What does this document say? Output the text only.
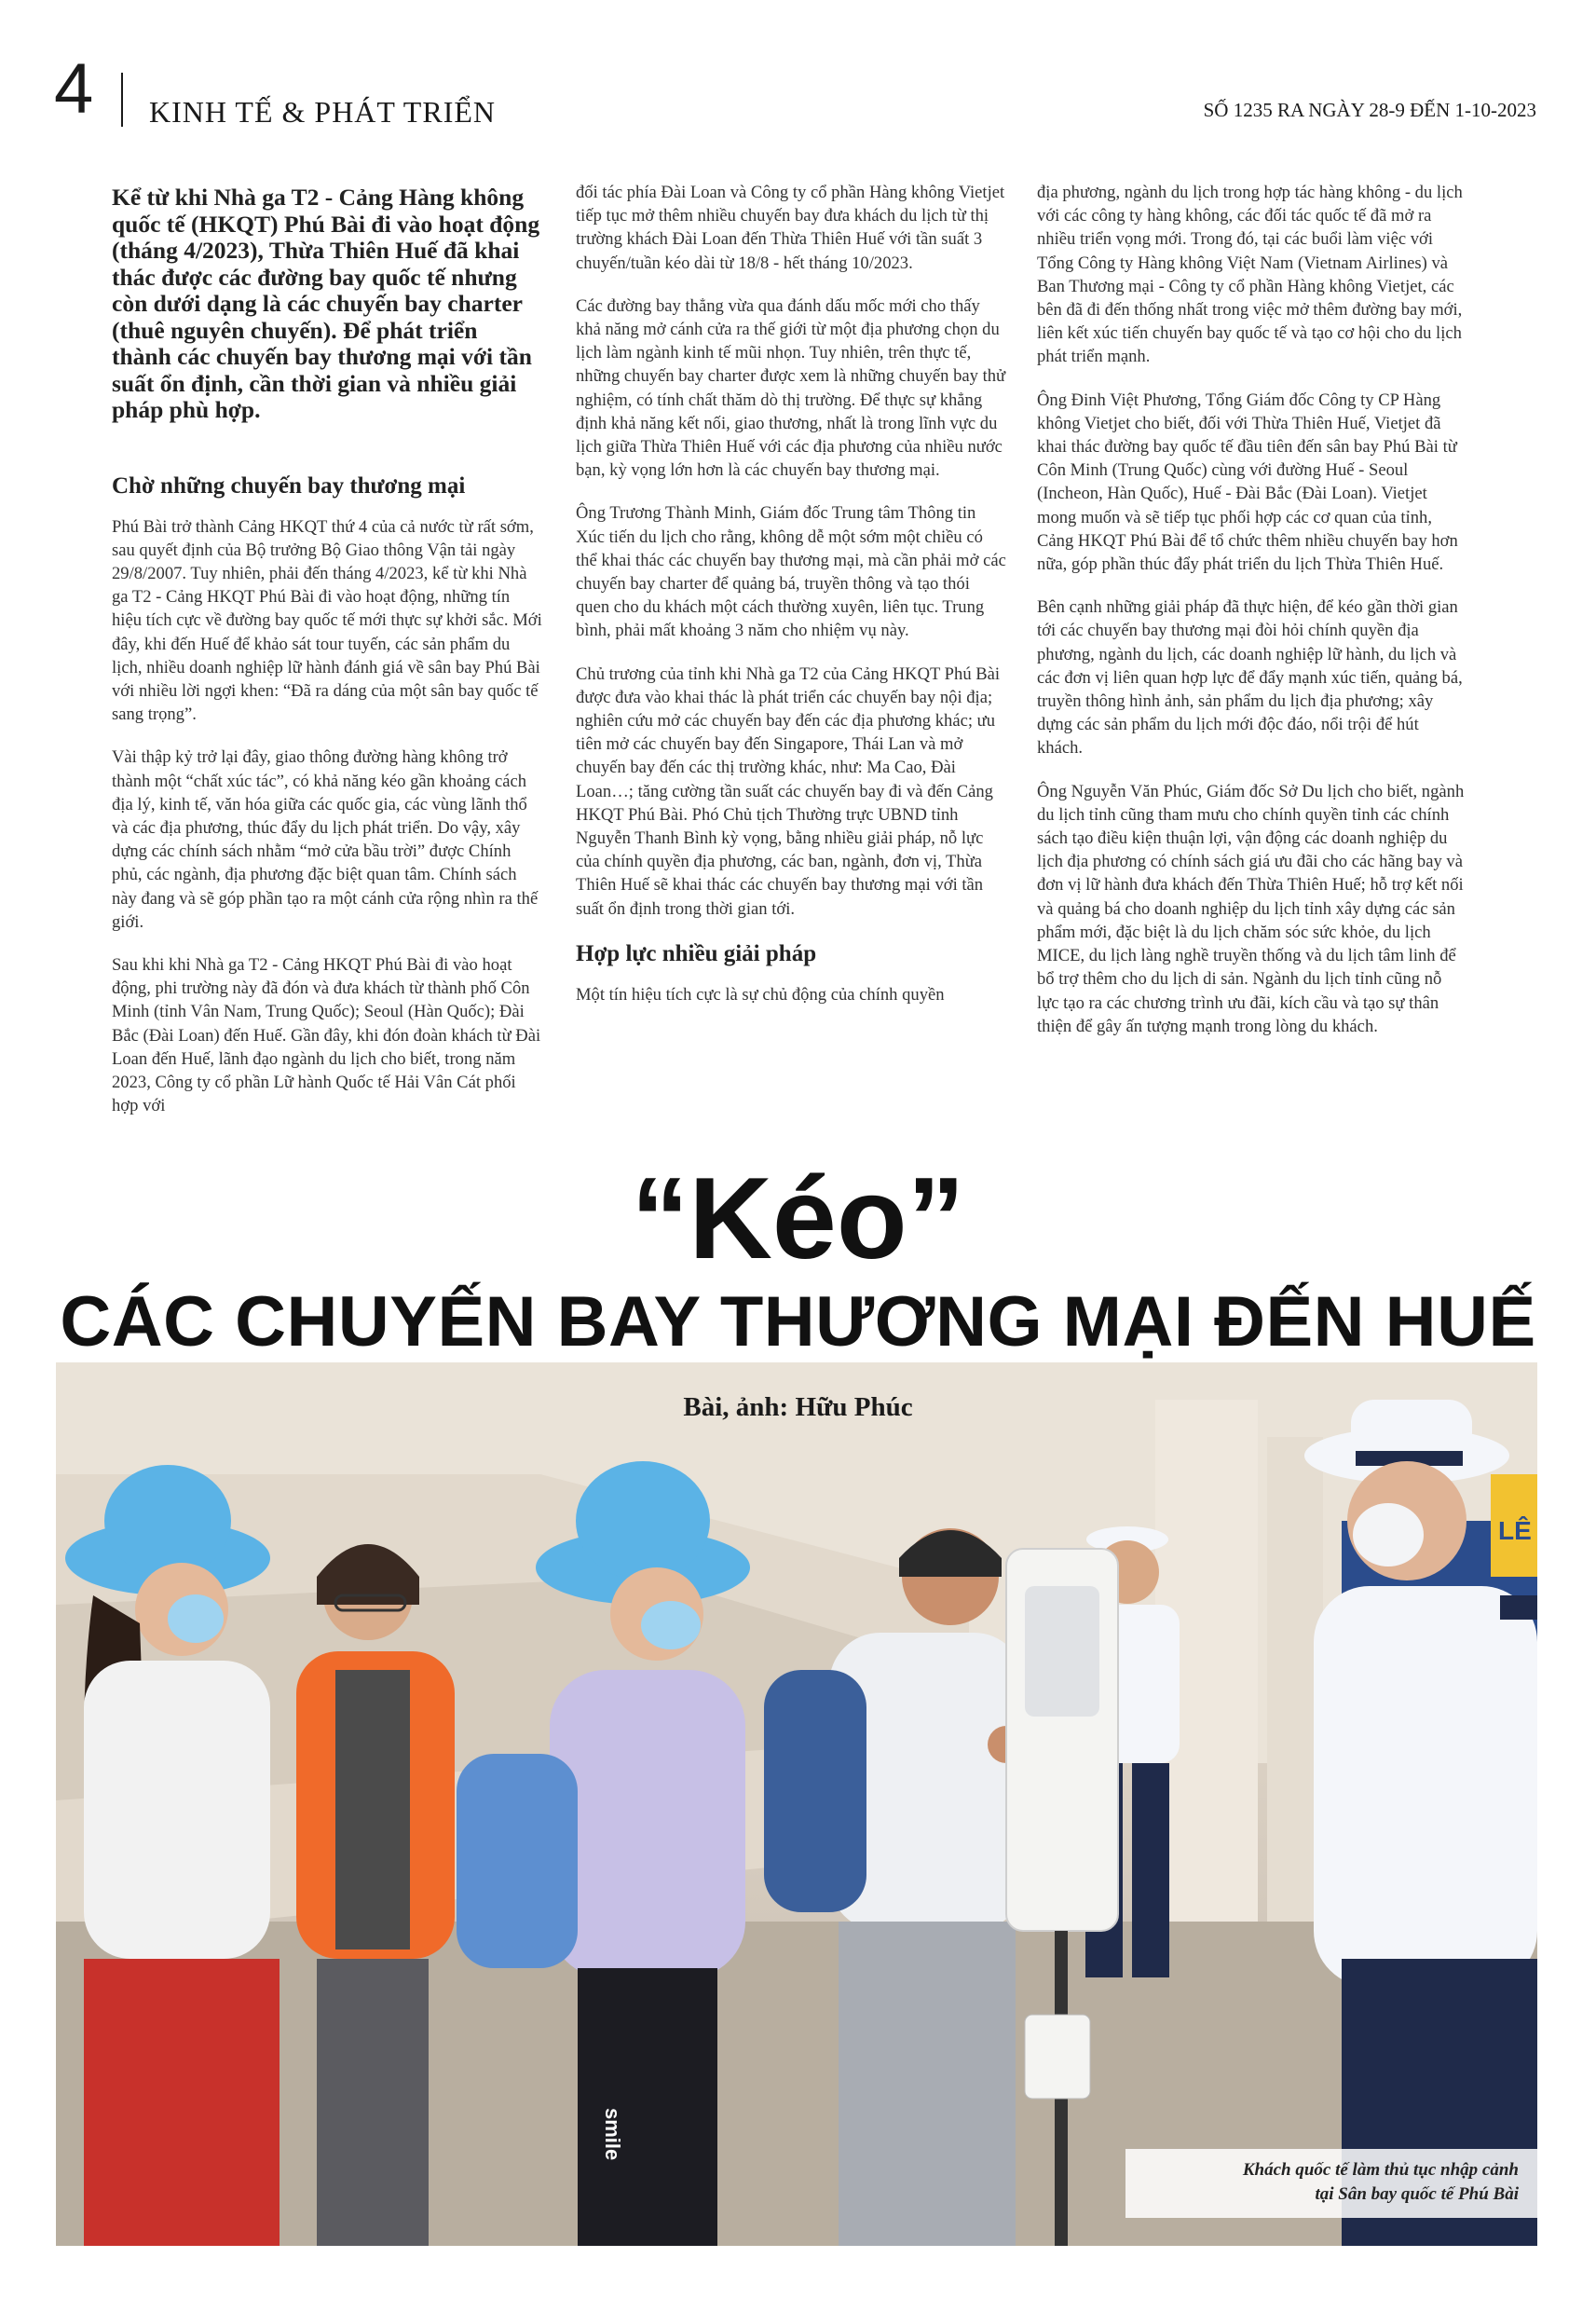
4 KINH TẾ & PHÁT TRIỂN	SỐ 1235 RA NGÀY 28-9 ĐẾN 1-10-2023

Kể từ khi Nhà ga T2 - Cảng Hàng không quốc tế (HKQT) Phú Bài đi vào hoạt động (tháng 4/2023), Thừa Thiên Huế đã khai thác được các đường bay quốc tế nhưng còn dưới dạng là các chuyến bay charter (thuê nguyên chuyến). Để phát triển thành các chuyến bay thương mại với tần suất ổn định, cần thời gian và nhiều giải pháp phù hợp.

Chờ những chuyến bay thương mại

Phú Bài trở thành Cảng HKQT thứ 4 của cả nước từ rất sớm, sau quyết định của Bộ trưởng Bộ Giao thông Vận tải ngày 29/8/2007. Tuy nhiên, phải đến tháng 4/2023, kể từ khi Nhà ga T2 - Cảng HKQT Phú Bài đi vào hoạt động, những tín hiệu tích cực về đường bay quốc tế mới thực sự khởi sắc. Mới đây, khi đến Huế để khảo sát tour tuyến, các sản phẩm du lịch, nhiều doanh nghiệp lữ hành đánh giá về sân bay Phú Bài với nhiều lời ngợi khen: “Đã ra dáng của một sân bay quốc tế sang trọng”.

Vài thập kỷ trở lại đây, giao thông đường hàng không trở thành một “chất xúc tác”, có khả năng kéo gần khoảng cách địa lý, kinh tế, văn hóa giữa các quốc gia, các vùng lãnh thổ và các địa phương, thúc đẩy du lịch phát triển. Do vậy, xây dựng các chính sách nhằm “mở cửa bầu trời” được Chính phủ, các ngành, địa phương đặc biệt quan tâm. Chính sách này đang và sẽ góp phần tạo ra một cánh cửa rộng nhìn ra thế giới.

Sau khi khi Nhà ga T2 - Cảng HKQT Phú Bài đi vào hoạt động, phi trường này đã đón và đưa khách từ thành phố Côn Minh (tỉnh Vân Nam, Trung Quốc); Seoul (Hàn Quốc); Đài Bắc (Đài Loan) đến Huế. Gần đây, khi đón đoàn khách từ Đài Loan đến Huế, lãnh đạo ngành du lịch cho biết, trong năm 2023, Công ty cổ phần Lữ hành Quốc tế Hải Vân Cát phối hợp với

đối tác phía Đài Loan và Công ty cổ phần Hàng không Vietjet tiếp tục mở thêm nhiều chuyến bay đưa khách du lịch từ thị trường khách Đài Loan đến Thừa Thiên Huế với tần suất 3 chuyến/tuần kéo dài từ 18/8 - hết tháng 10/2023.

Các đường bay thẳng vừa qua đánh dấu mốc mới cho thấy khả năng mở cánh cửa ra thế giới từ một địa phương chọn du lịch làm ngành kinh tế mũi nhọn. Tuy nhiên, trên thực tế, những chuyến bay charter được xem là những chuyến bay thử nghiệm, có tính chất thăm dò thị trường. Để thực sự khẳng định khả năng kết nối, giao thương, nhất là trong lĩnh vực du lịch giữa Thừa Thiên Huế với các địa phương của nhiều nước bạn, kỳ vọng lớn hơn là các chuyến bay thương mại.

Ông Trương Thành Minh, Giám đốc Trung tâm Thông tin Xúc tiến du lịch cho rằng, không dễ một sớm một chiều có thể khai thác các chuyến bay thương mại, mà cần phải mở các chuyến bay charter để quảng bá, truyền thông và tạo thói quen cho du khách một cách thường xuyên, liên tục. Trung bình, phải mất khoảng 3 năm cho nhiệm vụ này.

Chủ trương của tỉnh khi Nhà ga T2 của Cảng HKQT Phú Bài được đưa vào khai thác là phát triển các chuyến bay nội địa; nghiên cứu mở các chuyến bay đến các địa phương khác; ưu tiên mở các chuyến bay đến Singapore, Thái Lan và mở chuyến bay đến các thị trường khác, như: Ma Cao, Đài Loan…; tăng cường tần suất các chuyến bay đi và đến Cảng HKQT Phú Bài. Phó Chủ tịch Thường trực UBND tỉnh Nguyễn Thanh Bình kỳ vọng, bằng nhiều giải pháp, nỗ lực của chính quyền địa phương, các ban, ngành, đơn vị, Thừa Thiên Huế sẽ khai thác các chuyến bay thương mại với tần suất ổn định trong thời gian tới.

Hợp lực nhiều giải pháp

Một tín hiệu tích cực là sự chủ động của chính quyền

địa phương, ngành du lịch trong hợp tác hàng không - du lịch với các công ty hàng không, các đối tác quốc tế đã mở ra nhiều triển vọng mới. Trong đó, tại các buổi làm việc với Tổng Công ty Hàng không Việt Nam (Vietnam Airlines) và Ban Thương mại - Công ty cổ phần Hàng không Vietjet, các bên đã đi đến thống nhất trong việc mở thêm đường bay mới, liên kết xúc tiến chuyến bay quốc tế và tạo cơ hội cho du lịch phát triển mạnh.

Ông Đinh Việt Phương, Tổng Giám đốc Công ty CP Hàng không Vietjet cho biết, đối với Thừa Thiên Huế, Vietjet đã khai thác đường bay quốc tế đầu tiên đến sân bay Phú Bài từ Côn Minh (Trung Quốc) cùng với đường Huế - Seoul (Incheon, Hàn Quốc), Huế - Đài Bắc (Đài Loan). Vietjet mong muốn và sẽ tiếp tục phối hợp các cơ quan của tỉnh, Cảng HKQT Phú Bài để tổ chức thêm nhiều chuyến bay hơn nữa, góp phần thúc đẩy phát triển du lịch Thừa Thiên Huế.

Bên cạnh những giải pháp đã thực hiện, để kéo gần thời gian tới các chuyến bay thương mại đòi hỏi chính quyền địa phương, ngành du lịch, các doanh nghiệp lữ hành, du lịch và các đơn vị liên quan hợp lực để đẩy mạnh xúc tiến, quảng bá, truyền thông hình ảnh, sản phẩm du lịch địa phương; xây dựng các sản phẩm du lịch mới độc đáo, nổi trội để hút khách.

Ông Nguyễn Văn Phúc, Giám đốc Sở Du lịch cho biết, ngành du lịch tỉnh cũng tham mưu cho chính quyền tỉnh các chính sách tạo điều kiện thuận lợi, vận động các doanh nghiệp du lịch địa phương có chính sách giá ưu đãi cho các hãng bay và đơn vị lữ hành đưa khách đến Thừa Thiên Huế; hỗ trợ kết nối và quảng bá cho doanh nghiệp du lịch tỉnh xây dựng các sản phẩm mới, đặc biệt là du lịch chăm sóc sức khỏe, du lịch MICE, du lịch làng nghề truyền thống và du lịch tâm linh để bổ trợ thêm cho du lịch di sản. Ngành du lịch tỉnh cũng nỗ lực tạo ra các chương trình ưu đãi, kích cầu và tạo sự thân thiện để gây ấn tượng mạnh trong lòng du khách.

“Kéo”
LÊ
smile
CÁC CHUYẾN BAY THƯƠNG MẠI ĐẾN HUẾ
Bài, ảnh: Hữu Phúc
Khách quốc tế làm thủ tục nhập cảnh
tại Sân bay quốc tế Phú Bài
